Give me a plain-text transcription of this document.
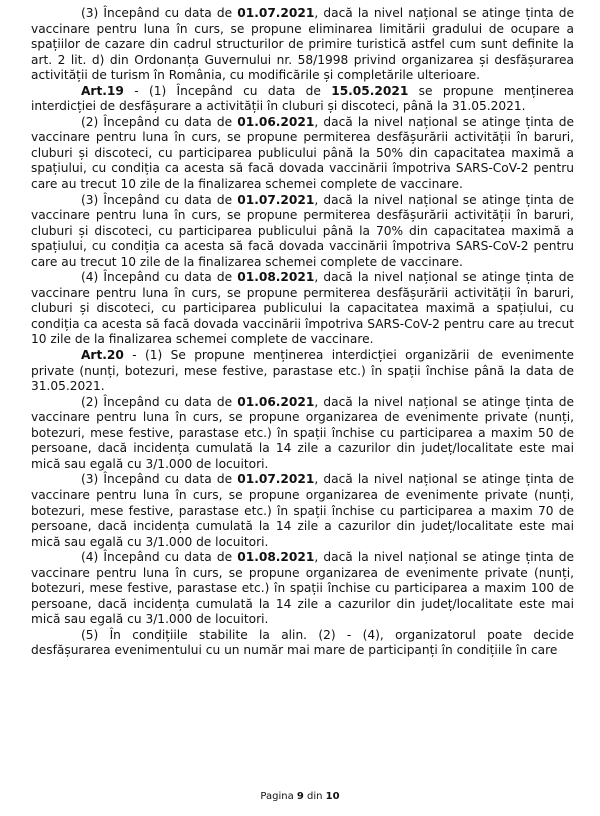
(3) Începând cu data de 01.07.2021, dacă la nivel național se atinge ținta de vaccinare pentru luna în curs, se propune eliminarea limitării gradului de ocupare a spațiilor de cazare din cadrul structurilor de primire turistică astfel cum sunt definite la art. 2 lit. d) din Ordonanța Guvernului nr. 58/1998 privind organizarea și desfășurarea activității de turism în România, cu modificările și completările ulterioare.

Art.19 - (1) Începând cu data de 15.05.2021 se propune menținerea interdicției de desfășurare a activității în cluburi și discoteci, până la 31.05.2021.

(2) Începând cu data de 01.06.2021, dacă la nivel național se atinge ținta de vaccinare pentru luna în curs, se propune permiterea desfășurării activității în baruri, cluburi și discoteci, cu participarea publicului până la 50% din capacitatea maximă a spațiului, cu condiția ca acesta să facă dovada vaccinării împotriva SARS-CoV-2 pentru care au trecut 10 zile de la finalizarea schemei complete de vaccinare.

(3) Începând cu data de 01.07.2021, dacă la nivel național se atinge ținta de vaccinare pentru luna în curs, se propune permiterea desfășurării activității în baruri, cluburi și discoteci, cu participarea publicului până la 70% din capacitatea maximă a spațiului, cu condiția ca acesta să facă dovada vaccinării împotriva SARS-CoV-2 pentru care au trecut 10 zile de la finalizarea schemei complete de vaccinare.

(4) Începând cu data de 01.08.2021, dacă la nivel național se atinge ținta de vaccinare pentru luna în curs, se propune permiterea desfășurării activității în baruri, cluburi și discoteci, cu participarea publicului la capacitatea maximă a spațiului, cu condiția ca acesta să facă dovada vaccinării împotriva SARS-CoV-2 pentru care au trecut 10 zile de la finalizarea schemei complete de vaccinare.

Art.20 - (1) Se propune menținerea interdicției organizării de evenimente private (nunți, botezuri, mese festive, parastase etc.) în spații închise până la data de 31.05.2021.

(2) Începând cu data de 01.06.2021, dacă la nivel național se atinge ținta de vaccinare pentru luna în curs, se propune organizarea de evenimente private (nunți, botezuri, mese festive, parastase etc.) în spații închise cu participarea a maxim 50 de persoane, dacă incidența cumulată la 14 zile a cazurilor din județ/localitate este mai mică sau egală cu 3/1.000 de locuitori.

(3) Începând cu data de 01.07.2021, dacă la nivel național se atinge ținta de vaccinare pentru luna în curs, se propune organizarea de evenimente private (nunți, botezuri, mese festive, parastase etc.) în spații închise cu participarea a maxim 70 de persoane, dacă incidența cumulată la 14 zile a cazurilor din județ/localitate este mai mică sau egală cu 3/1.000 de locuitori.

(4) Începând cu data de 01.08.2021, dacă la nivel național se atinge ținta de vaccinare pentru luna în curs, se propune organizarea de evenimente private (nunți, botezuri, mese festive, parastase etc.) în spații închise cu participarea a maxim 100 de persoane, dacă incidența cumulată la 14 zile a cazurilor din județ/localitate este mai mică sau egală cu 3/1.000 de locuitori.

(5) În condițiile stabilite la alin. (2) - (4), organizatorul poate decide desfășurarea evenimentului cu un număr mai mare de participanți în condițiile în care

Pagina 9 din 10
